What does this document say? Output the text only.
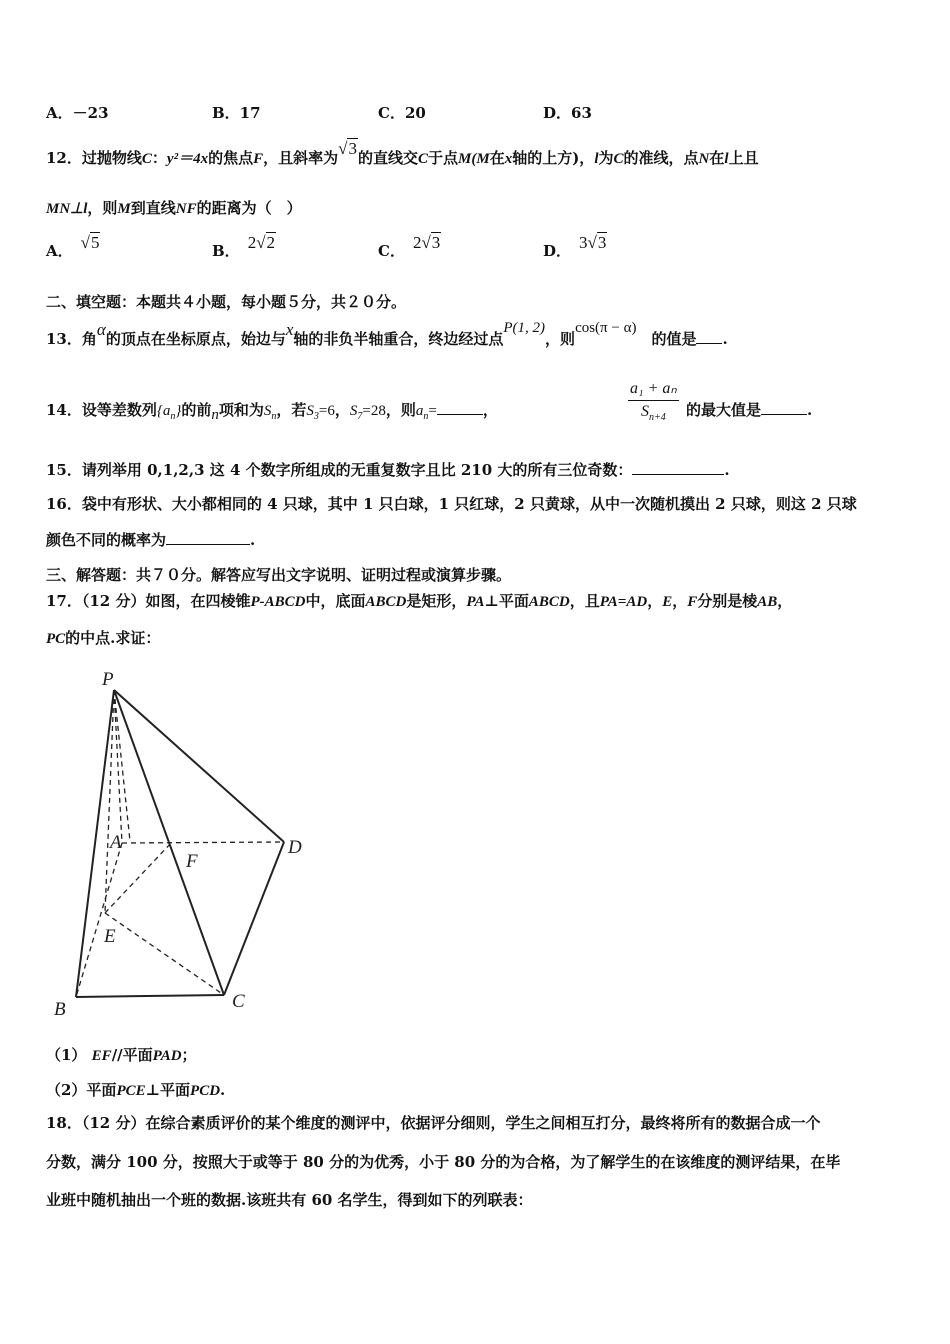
A．－23	B．17	C．20	D．63
12．过抛物线C：y²＝4x的焦点F，且斜率为√3的直线交C于点M(M在x轴的上方)，l为C的准线，点N在l上且
MN⊥l，则M到直线NF的距离为（　）
A． √5	B． 2√2	C． 2√3	D． 3√3
二、填空题：本题共４小题，每小题５分，共２０分。
13．角α的顶点在坐标原点，始边与x轴的非负半轴重合，终边经过点P(1, 2)，则cos(π − α)　的值是 .
14．设等差数列$\{a_n\}$的前n项和为$S_n$，若$S_3=6$，$S_7=28$，则$a_n=$	，	$\frac{\text{a₁ + aₙ}}{S_{n+4}}$ 的最大值是	.
15．请列举用 0,1,2,3 这 4 个数字所组成的无重复数字且比 210 大的所有三位奇数：	.
16．袋中有形状、大小都相同的 4 只球，其中 1 只白球，1 只红球，2 只黄球，从中一次随机摸出 2 只球，则这 2 只球
颜色不同的概率为	.
三、解答题：共７０分。解答应写出文字说明、证明过程或演算步骤。
17．（12 分）如图，在四棱锥P-ABCD中，底面ABCD是矩形，PA⊥平面ABCD，且PA=AD，E，F分别是棱AB，
PC的中点.求证：
P
A
B	C
D
E
F
（1） EF//平面PAD；
（2）平面PCE⊥平面PCD.
18．（12 分）在综合素质评价的某个维度的测评中，依据评分细则，学生之间相互打分，最终将所有的数据合成一个
分数，满分 100 分，按照大于或等于 80 分的为优秀，小于 80 分的为合格，为了解学生的在该维度的测评结果，在毕
业班中随机抽出一个班的数据.该班共有 60 名学生，得到如下的列联表：
